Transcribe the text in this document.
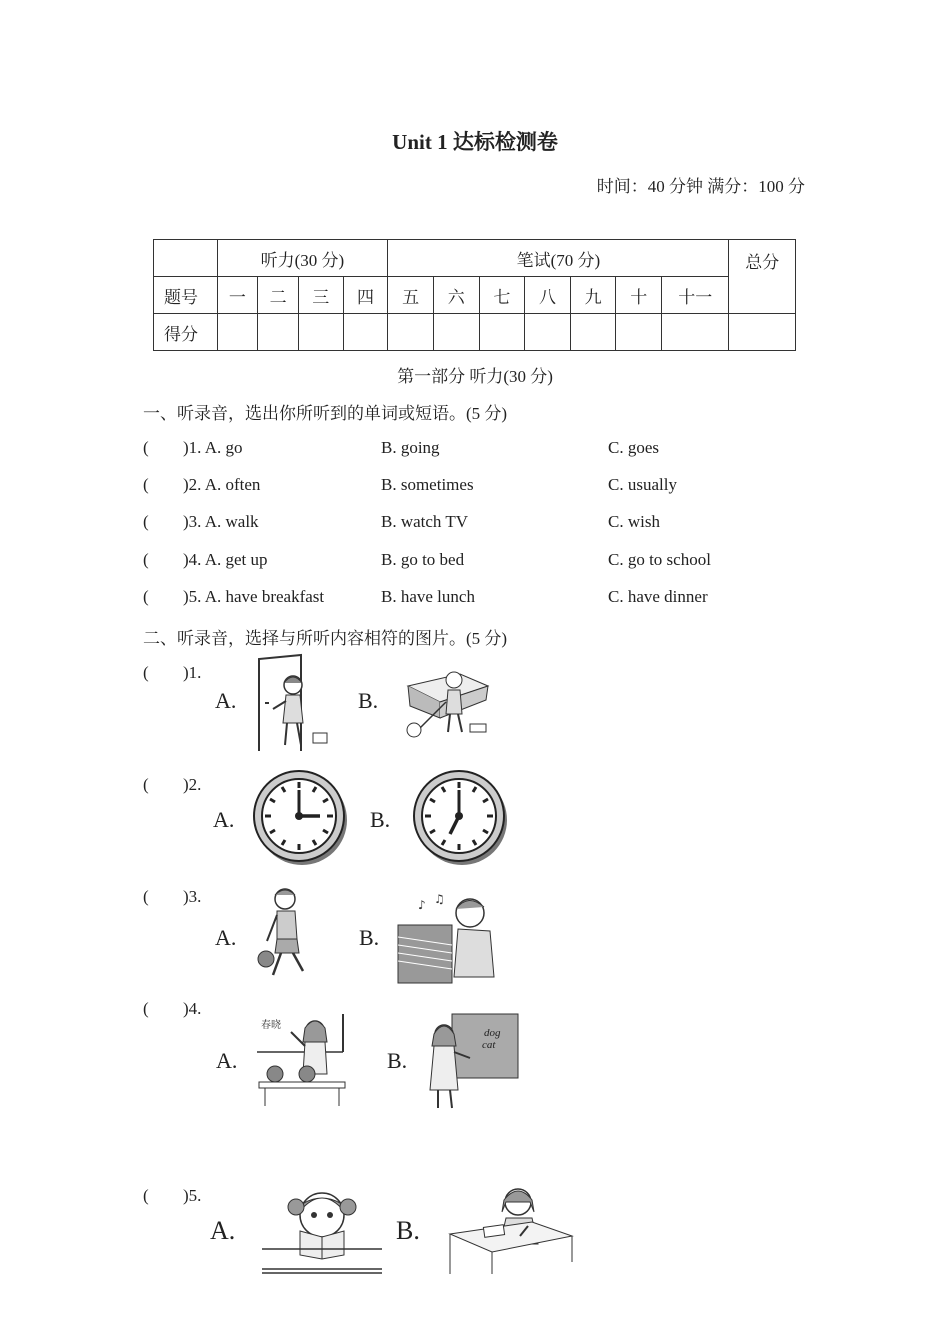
Unit 1 达标检测卷
时间：40 分钟 满分：100 分
	听力(30 分)				笔试(70 分)							总分
题号	一	二	三	四	五	六	七	八	九	十	十一	
得分												
第一部分 听力(30 分)
一、听录音，选出你所听到的单词或短语。(5 分)
( )1. A. go	B. going	C. goes
( )2. A. often	B. sometimes	C. usually
( )3. A. walk	B. watch TV	C. wish
( )4. A. get up	B. go to bed	C. go to school
( )5. A. have breakfast	B. have lunch	C. have dinner
二、听录音，选择与所听内容相符的图片。(5 分)
( )1.
A.	B.
( )2.
A.	B.
( )3.
A.	B.
♪ ♫
( )4.
A.	B.
春晓
dog
cat
( )5.
A.	B.
